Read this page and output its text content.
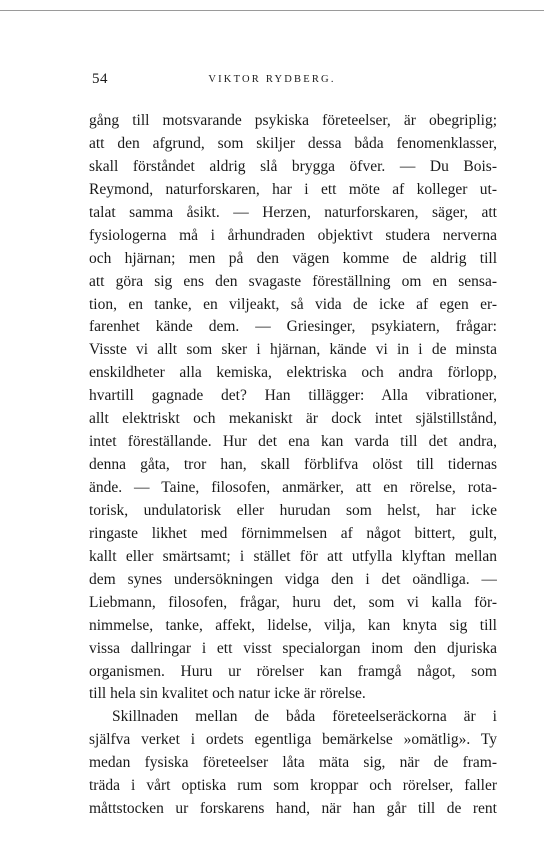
54	VIKTOR RYDBERG.
gång till motsvarande psykiska företeelser, är obegriplig;
att den afgrund, som skiljer dessa båda fenomenklasser,
skall förståndet aldrig slå brygga öfver. — Du Bois-
Reymond, naturforskaren, har i ett möte af kolleger ut-
talat samma åsikt. — Herzen, naturforskaren, säger, att
fysiologerna må i århundraden objektivt studera nerverna
och hjärnan; men på den vägen komme de aldrig till
att göra sig ens den svagaste föreställning om en sensa-
tion, en tanke, en viljeakt, så vida de icke af egen er-
farenhet kände dem. — Griesinger, psykiatern, frågar:
Visste vi allt som sker i hjärnan, kände vi in i de minsta
enskildheter alla kemiska, elektriska och andra förlopp,
hvartill gagnade det? Han tillägger: Alla vibrationer,
allt elektriskt och mekaniskt är dock intet själstillstånd,
intet föreställande. Hur det ena kan varda till det andra,
denna gåta, tror han, skall förblifva olöst till tidernas
ände. — Taine, filosofen, anmärker, att en rörelse, rota-
torisk, undulatorisk eller hurudan som helst, har icke
ringaste likhet med förnimmelsen af något bittert, gult,
kallt eller smärtsamt; i stället för att utfylla klyftan mellan
dem synes undersökningen vidga den i det oändliga. —
Liebmann, filosofen, frågar, huru det, som vi kalla för-
nimmelse, tanke, affekt, lidelse, vilja, kan knyta sig till
vissa dallringar i ett visst specialorgan inom den djuriska
organismen. Huru ur rörelser kan framgå något, som
till hela sin kvalitet och natur icke är rörelse.
Skillnaden mellan de båda företeelseräckorna är i
själfva verket i ordets egentliga bemärkelse »omätlig». Ty
medan fysiska företeelser låta mäta sig, när de fram-
träda i vårt optiska rum som kroppar och rörelser, faller
måttstocken ur forskarens hand, när han går till de rent
